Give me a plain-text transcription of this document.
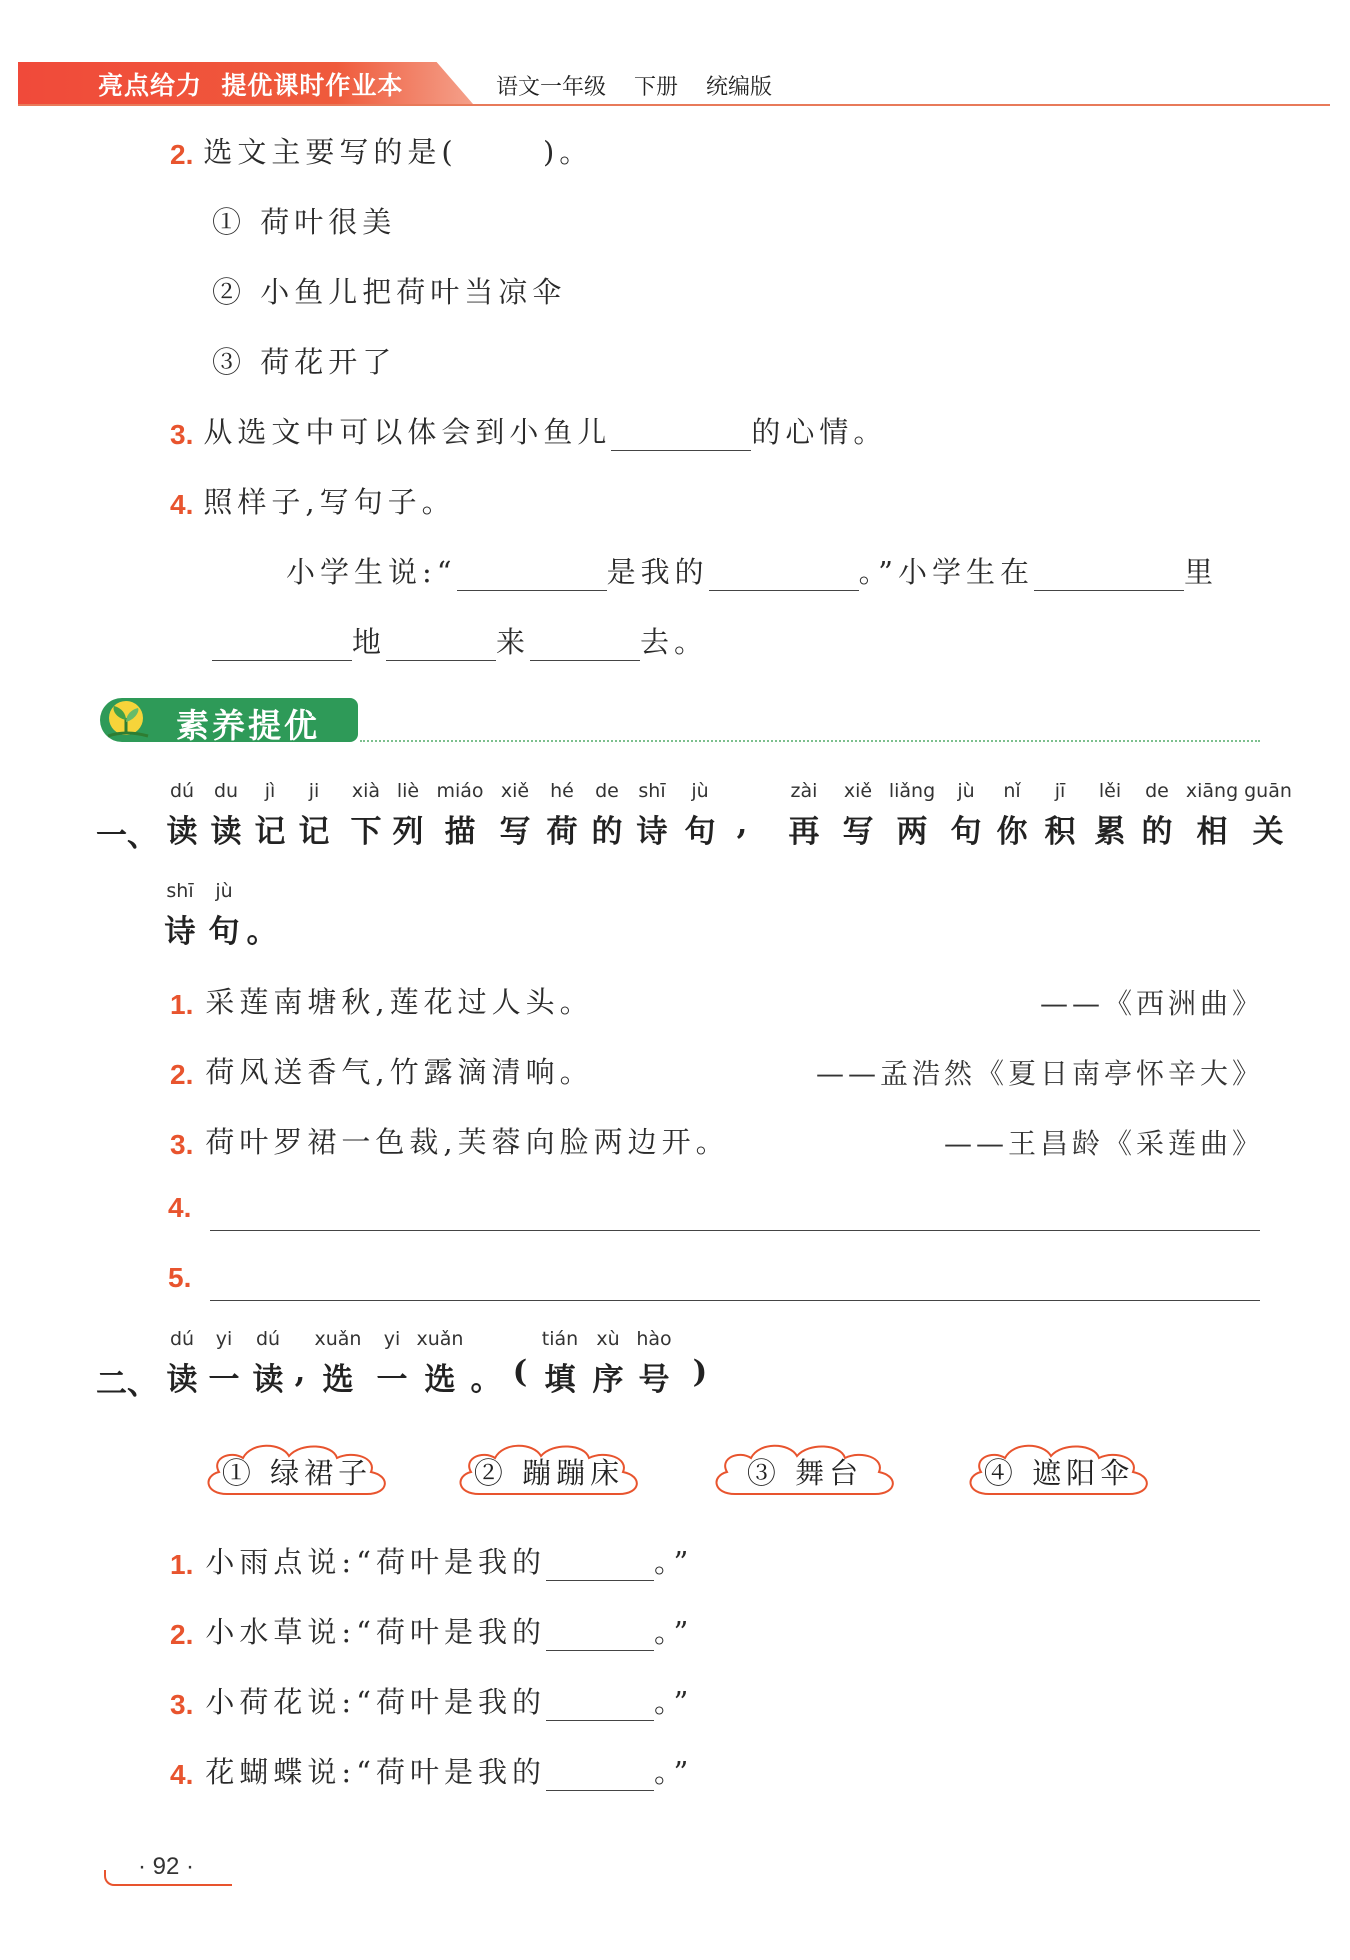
亮点给力  提优课时作业本	语文一年级    下册    统编版
2. 选文主要写的是(      )。
① 荷叶很美
② 小鱼儿把荷叶当凉伞
③ 荷花开了
3. 从选文中可以体会到小鱼儿	的心情。
4. 照样子,写句子。
小学生说:“	是我的	。”小学生在	里
地	来	去。
素养提优
一、
dú
读
du
读
jì
记
ji
记
xià
下
liè
列
miáo
描
xiě
写
hé
荷
de
的
shī
诗
jù
句
,
zài
再
xiě
写
liǎng
两
jù
句
nǐ
你
jī
积
lěi
累
de
的
xiāng
相
guān
关
shī
诗
jù
句
。
1. 采莲南塘秋,莲花过人头。	——《西洲曲》
2. 荷风送香气,竹露滴清响。	——孟浩然《夏日南亭怀辛大》
3. 荷叶罗裙一色裁,芙蓉向脸两边开。	——王昌龄《采莲曲》
4.
5.
二、
dú
读
yi
一
dú
读
,
xuǎn
选
yi
一
xuǎn
选
。
(
tián
填
xù
序
hào
号
)
① 绿裙子	② 蹦蹦床	③ 舞台	④ 遮阳伞
1. 小雨点说:“荷叶是我的	。”
2. 小水草说:“荷叶是我的	。”
3. 小荷花说:“荷叶是我的	。”
4. 花蝴蝶说:“荷叶是我的	。”
· 92 ·
